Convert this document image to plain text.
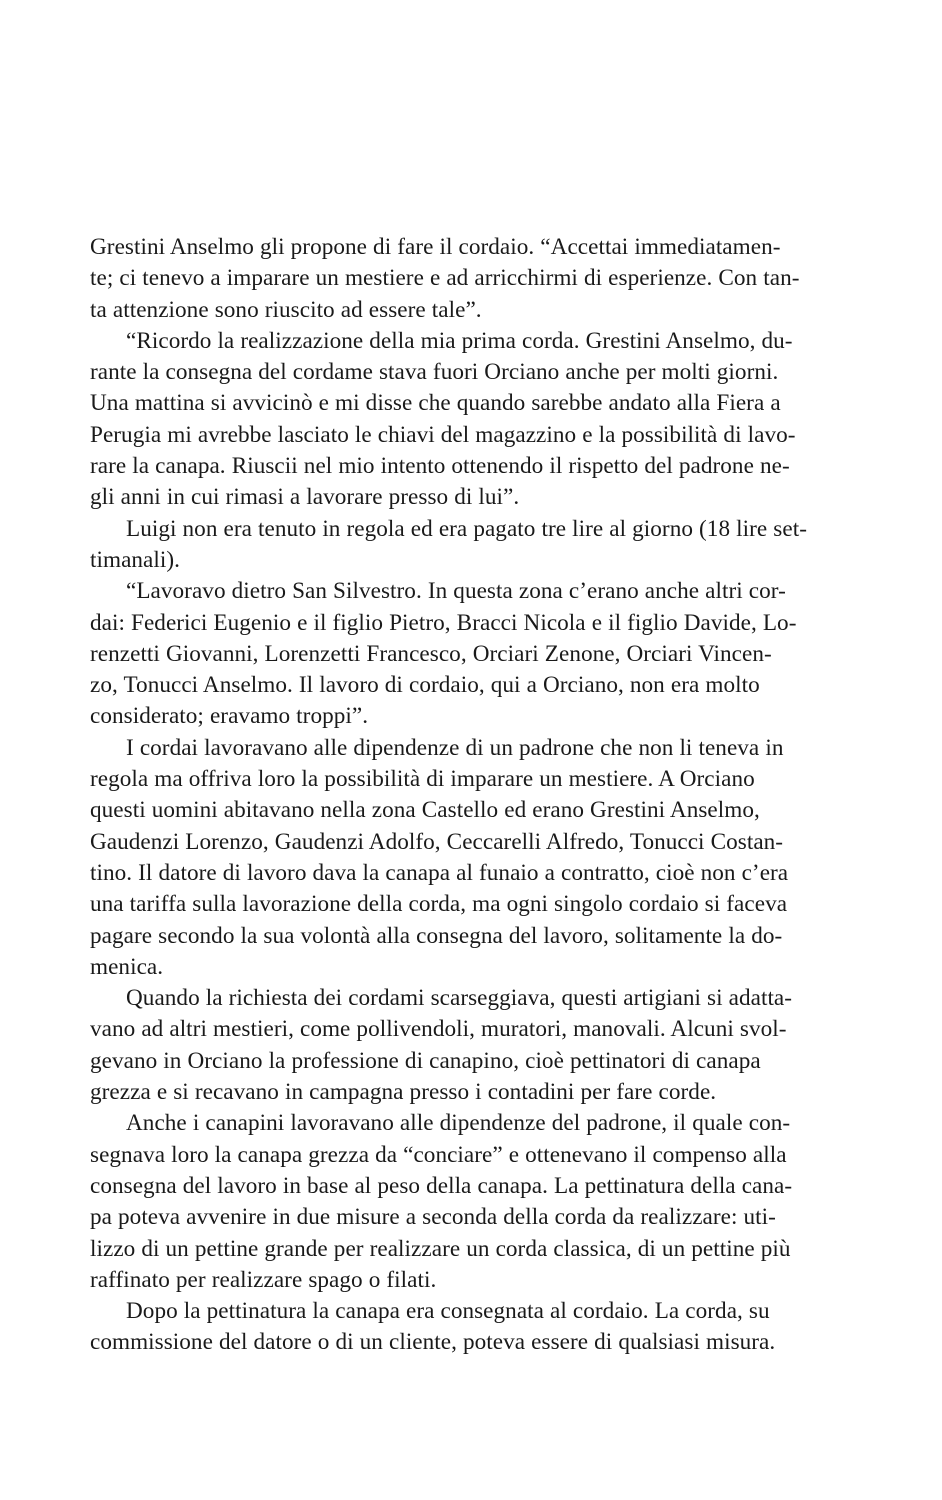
Grestini Anselmo gli propone di fare il cordaio. “Accettai immediatamen-
te; ci tenevo a imparare un mestiere e ad arricchirmi di esperienze. Con tan-
ta attenzione sono riuscito ad essere tale”.

“Ricordo la realizzazione della mia prima corda. Grestini Anselmo, du-
rante la consegna del cordame stava fuori Orciano anche per molti giorni.
Una mattina si avvicinò e mi disse che quando sarebbe andato alla Fiera a
Perugia mi avrebbe lasciato le chiavi del magazzino e la possibilità di lavo-
rare la canapa. Riuscii nel mio intento ottenendo il rispetto del padrone ne-
gli anni in cui rimasi a lavorare presso di lui”.

Luigi non era tenuto in regola ed era pagato tre lire al giorno (18 lire set-
timanali).

“Lavoravo dietro San Silvestro. In questa zona c’erano anche altri cor-
dai: Federici Eugenio e il figlio Pietro, Bracci Nicola e il figlio Davide, Lo-
renzetti Giovanni, Lorenzetti Francesco, Orciari Zenone, Orciari Vincen-
zo, Tonucci Anselmo. Il lavoro di cordaio, qui a Orciano, non era molto
considerato; eravamo troppi”.

I cordai lavoravano alle dipendenze di un padrone che non li teneva in
regola ma offriva loro la possibilità di imparare un mestiere. A Orciano
questi uomini abitavano nella zona Castello ed erano Grestini Anselmo,
Gaudenzi Lorenzo, Gaudenzi Adolfo, Ceccarelli Alfredo, Tonucci Costan-
tino. Il datore di lavoro dava la canapa al funaio a contratto, cioè non c’era
una tariffa sulla lavorazione della corda, ma ogni singolo cordaio si faceva
pagare secondo la sua volontà alla consegna del lavoro, solitamente la do-
menica.

Quando la richiesta dei cordami scarseggiava, questi artigiani si adatta-
vano ad altri mestieri, come pollivendoli, muratori, manovali. Alcuni svol-
gevano in Orciano la professione di canapino, cioè pettinatori di canapa
grezza e si recavano in campagna presso i contadini per fare corde.

Anche i canapini lavoravano alle dipendenze del padrone, il quale con-
segnava loro la canapa grezza da “conciare” e ottenevano il compenso alla
consegna del lavoro in base al peso della canapa. La pettinatura della cana-
pa poteva avvenire in due misure a seconda della corda da realizzare: uti-
lizzo di un pettine grande per realizzare un corda classica, di un pettine più
raffinato per realizzare spago o filati.

Dopo la pettinatura la canapa era consegnata al cordaio. La corda, su
commissione del datore o di un cliente, poteva essere di qualsiasi misura.
